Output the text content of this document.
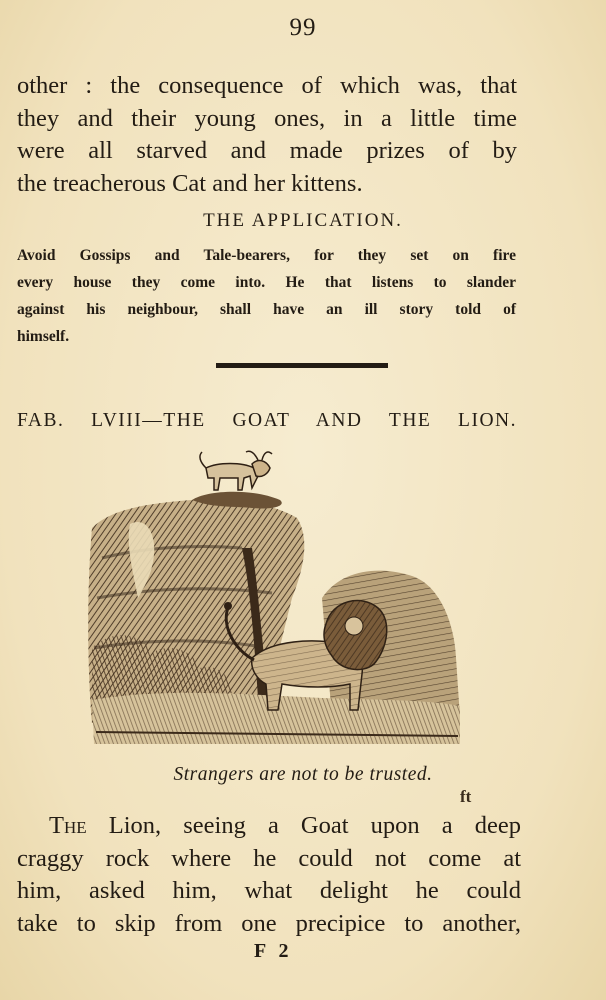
99
other : the consequence of which was, that
they and their young ones, in a little time
were all starved and made prizes of by
the treacherous Cat and her kittens.
THE APPLICATION.
Avoid Gossips and Tale-bearers, for they set on fire
every house they come into. He that listens to slander
against his neighbour, shall have an ill story told of
himself.
FAB. LVIII—THE GOAT AND THE LION.
Strangers are not to be trusted.
ft
The Lion, seeing a Goat upon a deep
craggy rock where he could not come at
him, asked him, what delight he could
take to skip from one precipice to another,
F 2
